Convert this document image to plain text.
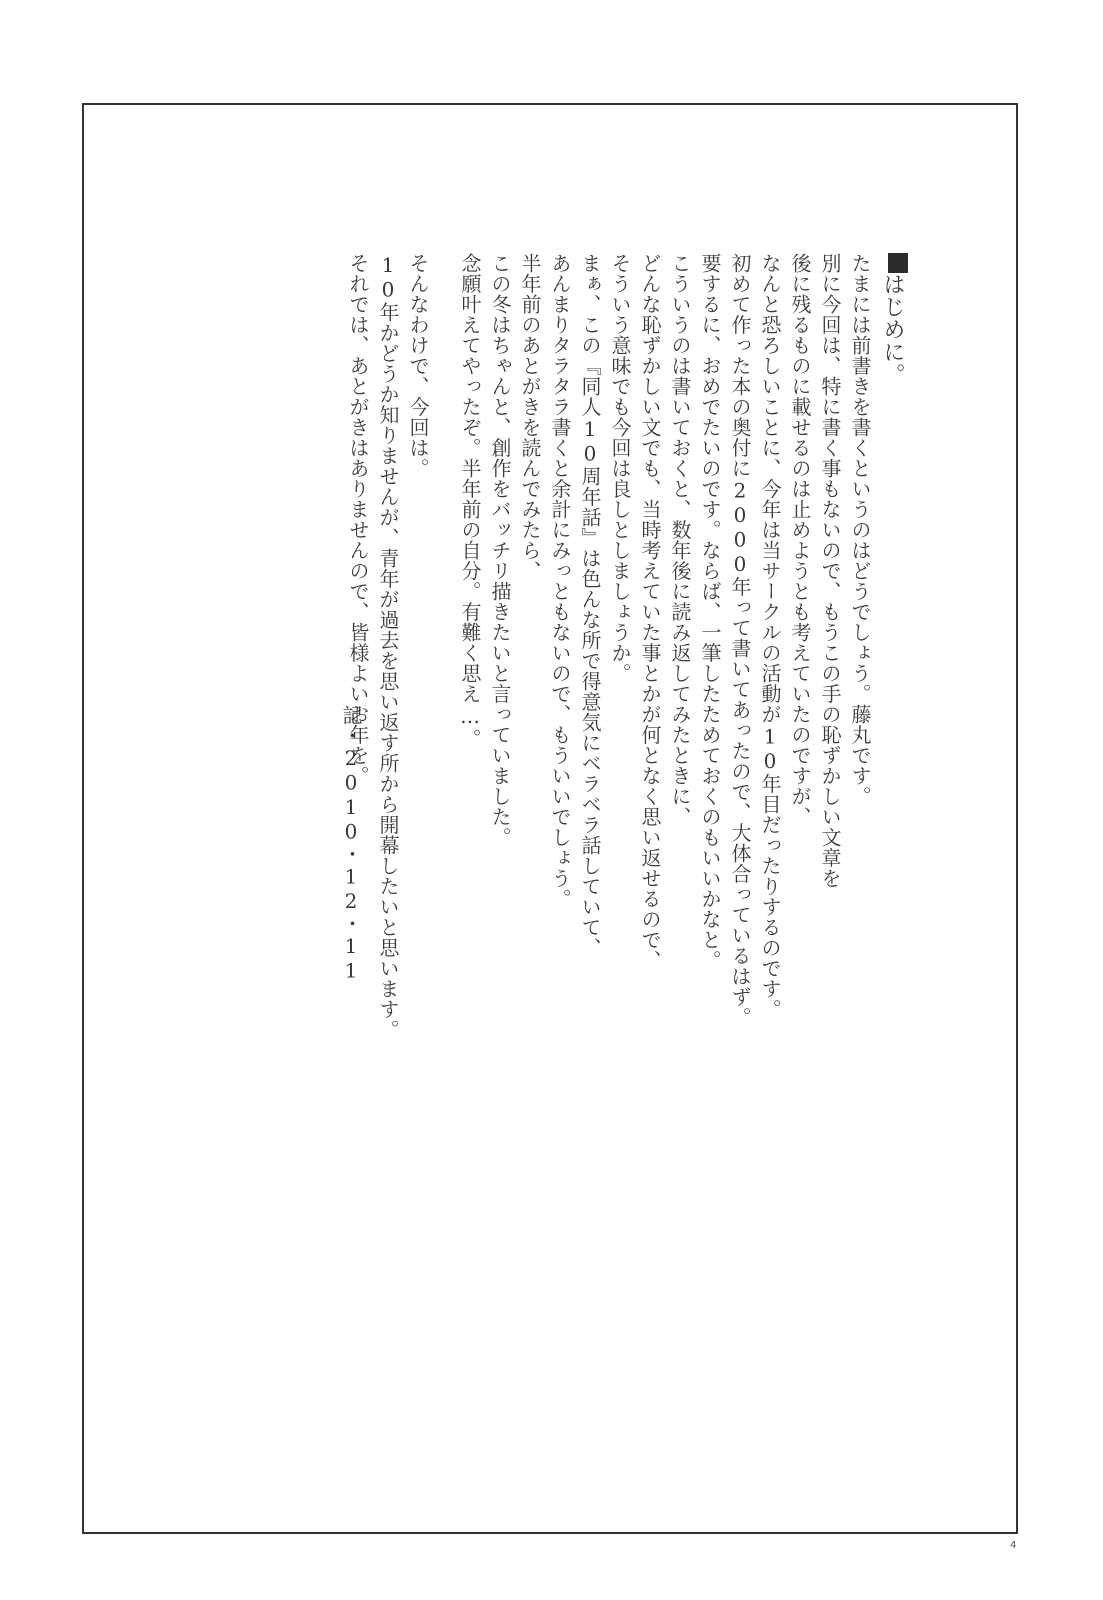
はじめに。
たまには前書きを書くというのはどうでしょう。藤丸です。
別に今回は、特に書く事もないので、もうこの手の恥ずかしい文章を
後に残るものに載せるのは止めようとも考えていたのですが、
なんと恐ろしいことに、今年は当サークルの活動が10年目だったりするのです。
初めて作った本の奥付に2000年って書いてあったので、大体合っているはず。
要するに、おめでたいのです。ならば、一筆したためておくのもいいかなと。
こういうのは書いておくと、数年後に読み返してみたときに、
どんな恥ずかしい文でも、当時考えていた事とかが何となく思い返せるので、
そういう意味でも今回は良しとしましょうか。
まぁ、この『同人10周年話』は色んな所で得意気にベラベラ話していて、
あんまりタラタラ書くと余計にみっともないので、もういいでしょう。
半年前のあとがきを読んでみたら、
この冬はちゃんと、創作をバッチリ描きたいと言っていました。
念願叶えてやったぞ。半年前の自分。有難く思え…。
そんなわけで、今回は。
10年かどうか知りませんが、青年が過去を思い返す所から開幕したいと思います。
それでは、あとがきはありませんので、皆様よいお年を。
記・2010・12・11
4
